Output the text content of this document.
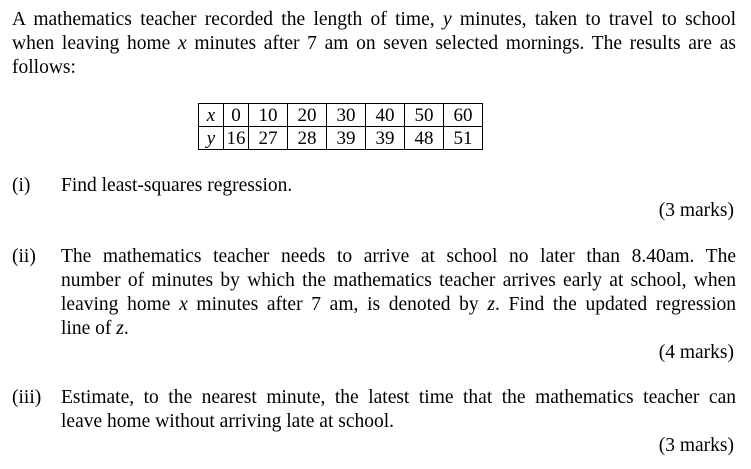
A mathematics teacher recorded the length of time, y minutes, taken to travel to school
when leaving home x minutes after 7 am on seven selected mornings. The results are as
follows:
x	0	10	20	30	40	50	60
y	16	27	28	39	39	48	51
(i) Find least-squares regression.
(3 marks)
(ii) The mathematics teacher needs to arrive at school no later than 8.40am. The
number of minutes by which the mathematics teacher arrives early at school, when
leaving home x minutes after 7 am, is denoted by z. Find the updated regression
line of z.
(4 marks)
(iii) Estimate, to the nearest minute, the latest time that the mathematics teacher can
leave home without arriving late at school.
(3 marks)
